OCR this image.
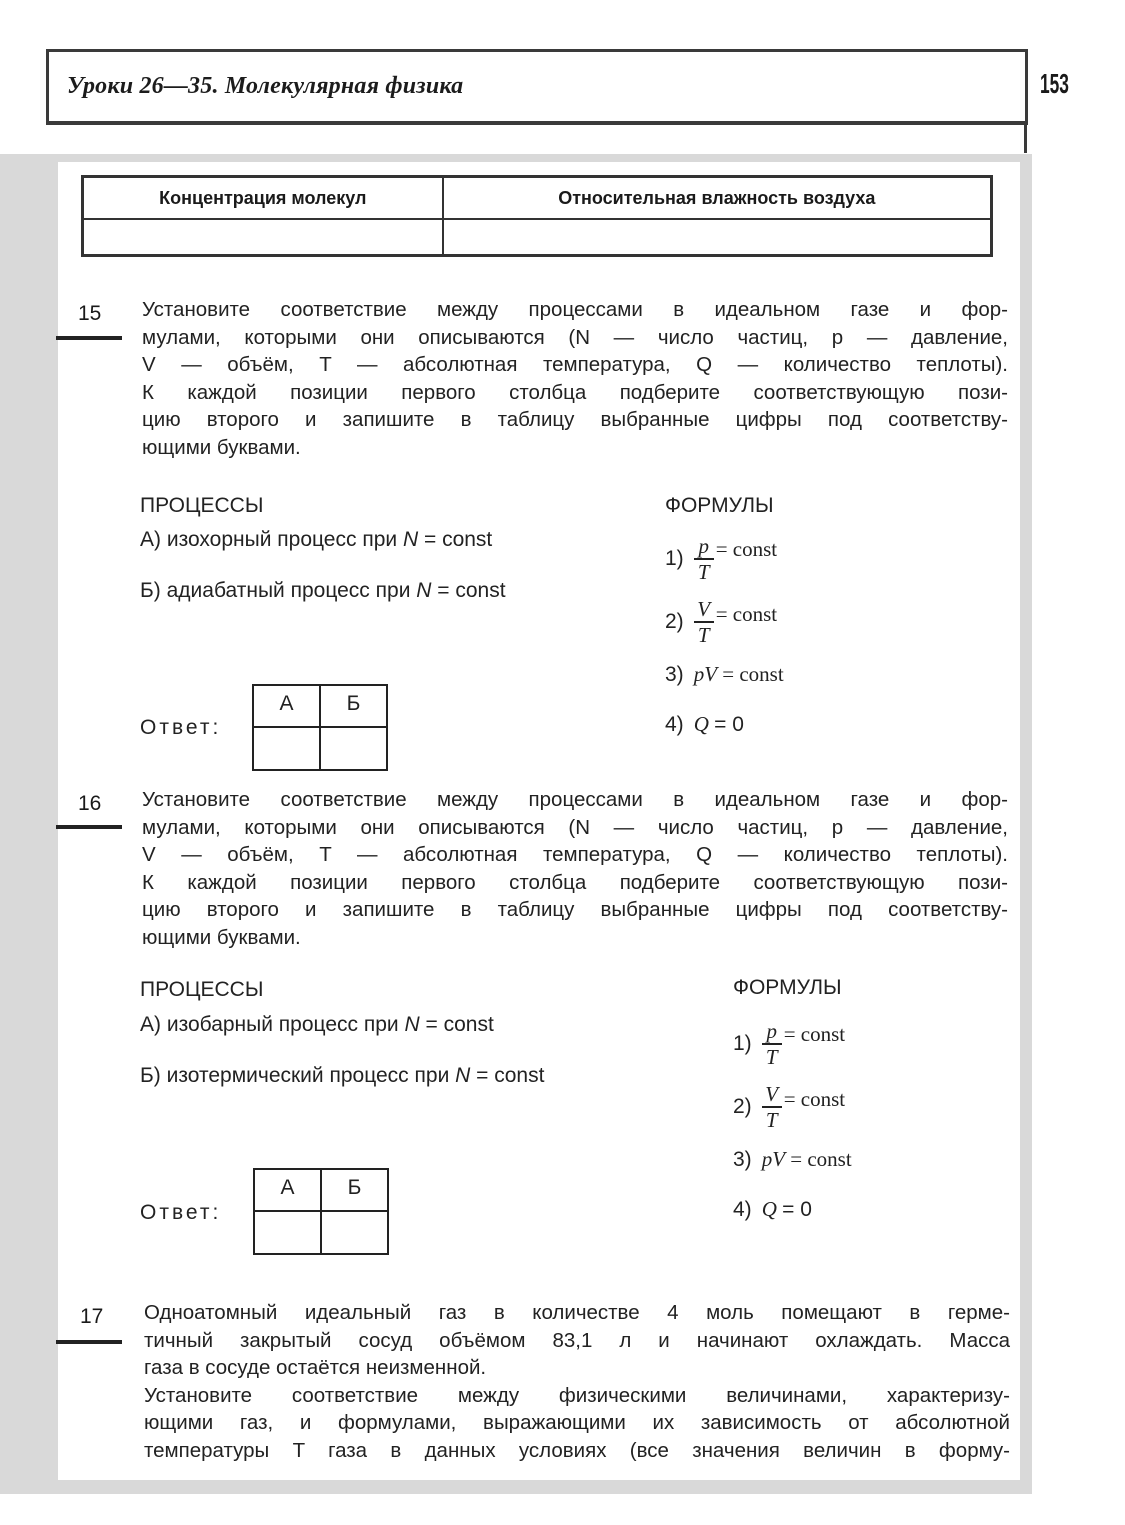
Уроки 26—35. Молекулярная физика	153
Концентрация молекул	Относительная влажность воздуха

15 Установите соответствие между процессами в идеальном газе и фор-
мулами, которыми они описываются (N — число частиц, p — давление,
V — объём, T — абсолютная температура, Q — количество теплоты).
К каждой позиции первого столбца подберите соответствующую пози-
цию второго и запишите в таблицу выбранные цифры под соответству-
ющими буквами.
ПРОЦЕССЫ	ФОРМУЛЫ
А) изохорный процесс при N = const
Б) адиабатный процесс при N = const
$1) \frac{p}{T}$ = const
$2) \frac{V}{T}$ = const
3) pV = const
4) Q = 0
Ответ:
А	Б

16 Установите соответствие между процессами в идеальном газе и фор-
мулами, которыми они описываются (N — число частиц, p — давление,
V — объём, T — абсолютная температура, Q — количество теплоты).
К каждой позиции первого столбца подберите соответствующую пози-
цию второго и запишите в таблицу выбранные цифры под соответству-
ющими буквами.
ПРОЦЕССЫ	ФОРМУЛЫ
А) изобарный процесс при N = const
Б) изотермический процесс при N = const
$1) \frac{p}{T}$ = const
$2) \frac{V}{T}$ = const
3) pV = const
4) Q = 0
Ответ:
А	Б

17 Одноатомный идеальный газ в количестве 4 моль помещают в герме-
тичный закрытый сосуд объёмом 83,1 л и начинают охлаждать. Масса
газа в сосуде остаётся неизменной.
Установите соответствие между физическими величинами, характеризу-
ющими газ, и формулами, выражающими их зависимость от абсолютной
температуры T газа в данных условиях (все значения величин в форму-
